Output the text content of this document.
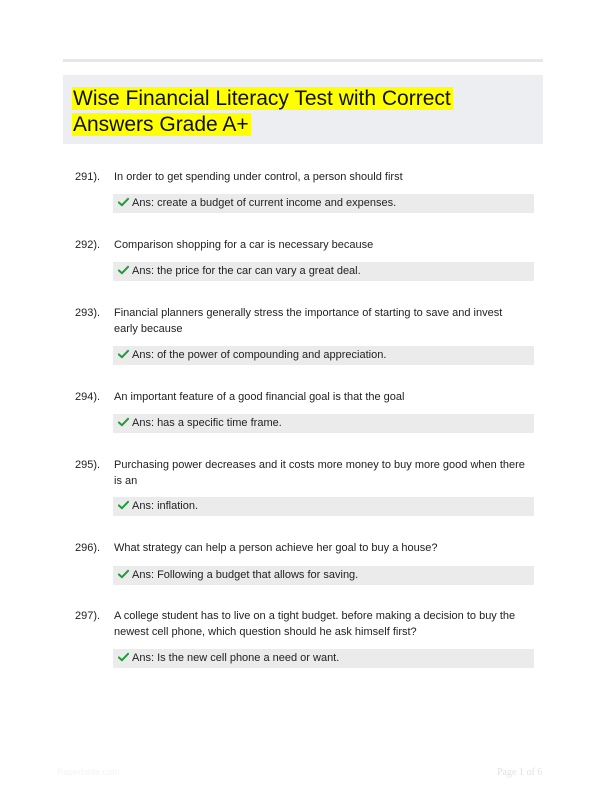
Wise Financial Literacy Test with Correct Answers Grade A+
291). In order to get spending under control, a person should first
Ans: create a budget of current income and expenses.
292). Comparison shopping for a car is necessary because
Ans: the price for the car can vary a great deal.
293). Financial planners generally stress the importance of starting to save and invest early because
Ans: of the power of compounding and appreciation.
294). An important feature of a good financial goal is that the goal
Ans: has a specific time frame.
295). Purchasing power decreases and it costs more money to buy more good when there is an
Ans: inflation.
296). What strategy can help a person achieve her goal to buy a house?
Ans: Following a budget that allows for saving.
297). A college student has to live on a tight budget. before making a decision to buy the newest cell phone, which question should he ask himself first?
Ans: Is the new cell phone a need or want.
Paperbible.com	Page 1 of 6
